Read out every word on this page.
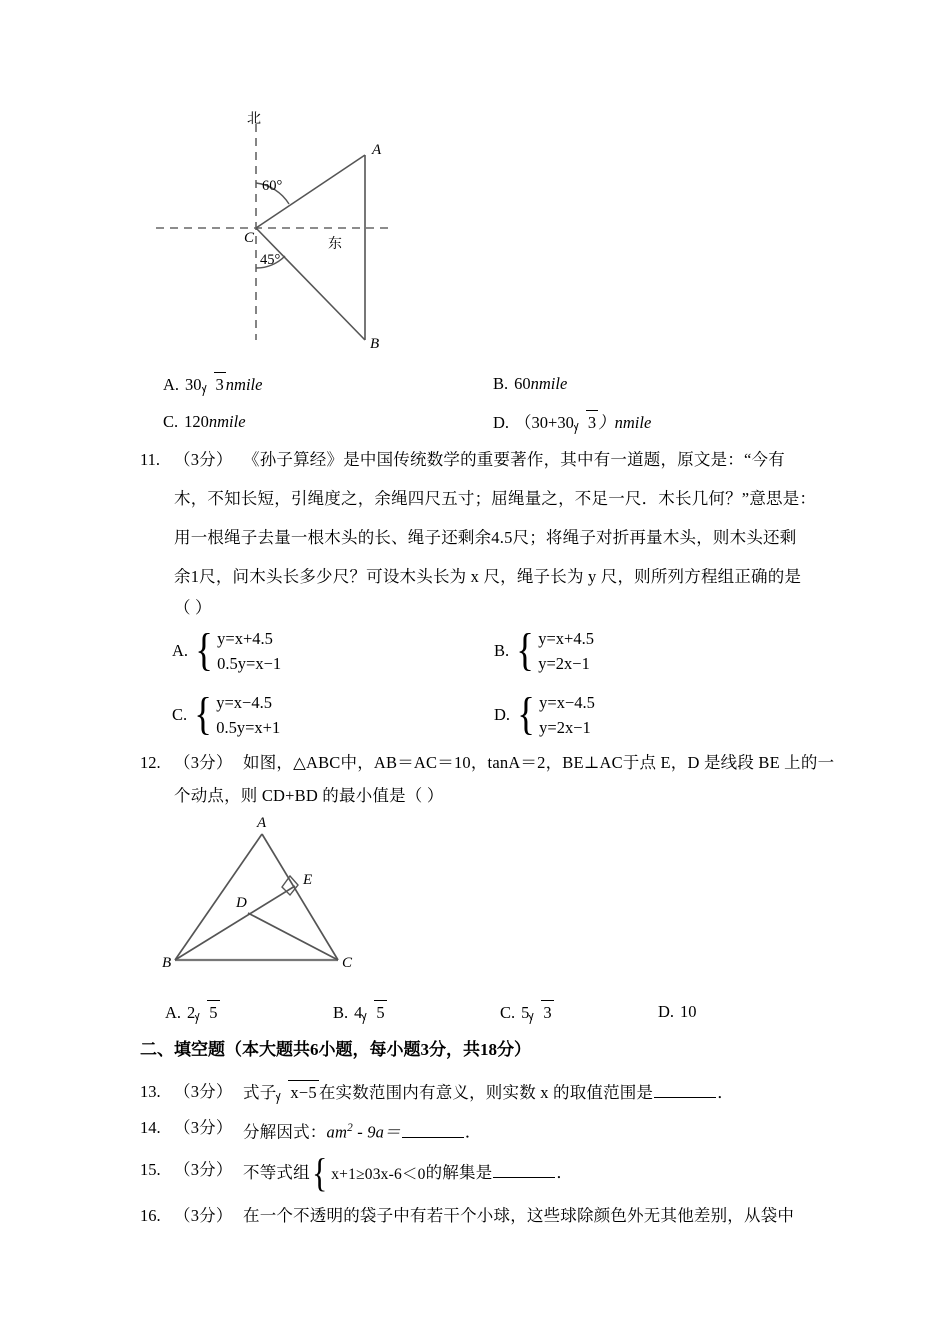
北
东
C
A
B
60°
45°
A. 30 3 nmile	B. 60nmile
C. 120nmile	D. （30+30 3 ）nmile
11. （3分） 《孙子算经》是中国传统数学的重要著作，其中有一道题，原文是：“今有
木，不知长短，引绳度之，余绳四尺五寸；屈绳量之，不足一尺．木长几何？”意思是：
用一根绳子去量一根木头的长、绳子还剩余4.5尺；将绳子对折再量木头，则木头还剩
余1尺，问木头长多少尺？可设木头长为 x 尺，绳子长为 y 尺，则所列方程组正确的是
（ ）
A. { y=x+4.5
0.5y=x−1
B. { y=x+4.5
y=2x−1
C. { y=x−4.5
0.5y=x+1
D. { y=x−4.5
y=2x−1
12. （3分） 如图，△ABC中，AB＝AC＝10，tanA＝2，BE⊥AC于点 E，D 是线段 BE 上的一
个动点，则 CD+BD 的最小值是（ ）
A
B	C
D
E
A. 2 5	B. 4 5	C. 5 3	D. 10
二、填空题（本大题共6小题，每小题3分，共18分）
13. （3分） 式子 x−5 在实数范围内有意义，则实数 x 的取值范围是	．
14. （3分） 分解因式：$am^2 - 9a=$	．
15. （3分） 不等式组 { x+1≥03x-6＜0 的解集是	．
16. （3分） 在一个不透明的袋子中有若干个小球，这些球除颜色外无其他差别，从袋中
